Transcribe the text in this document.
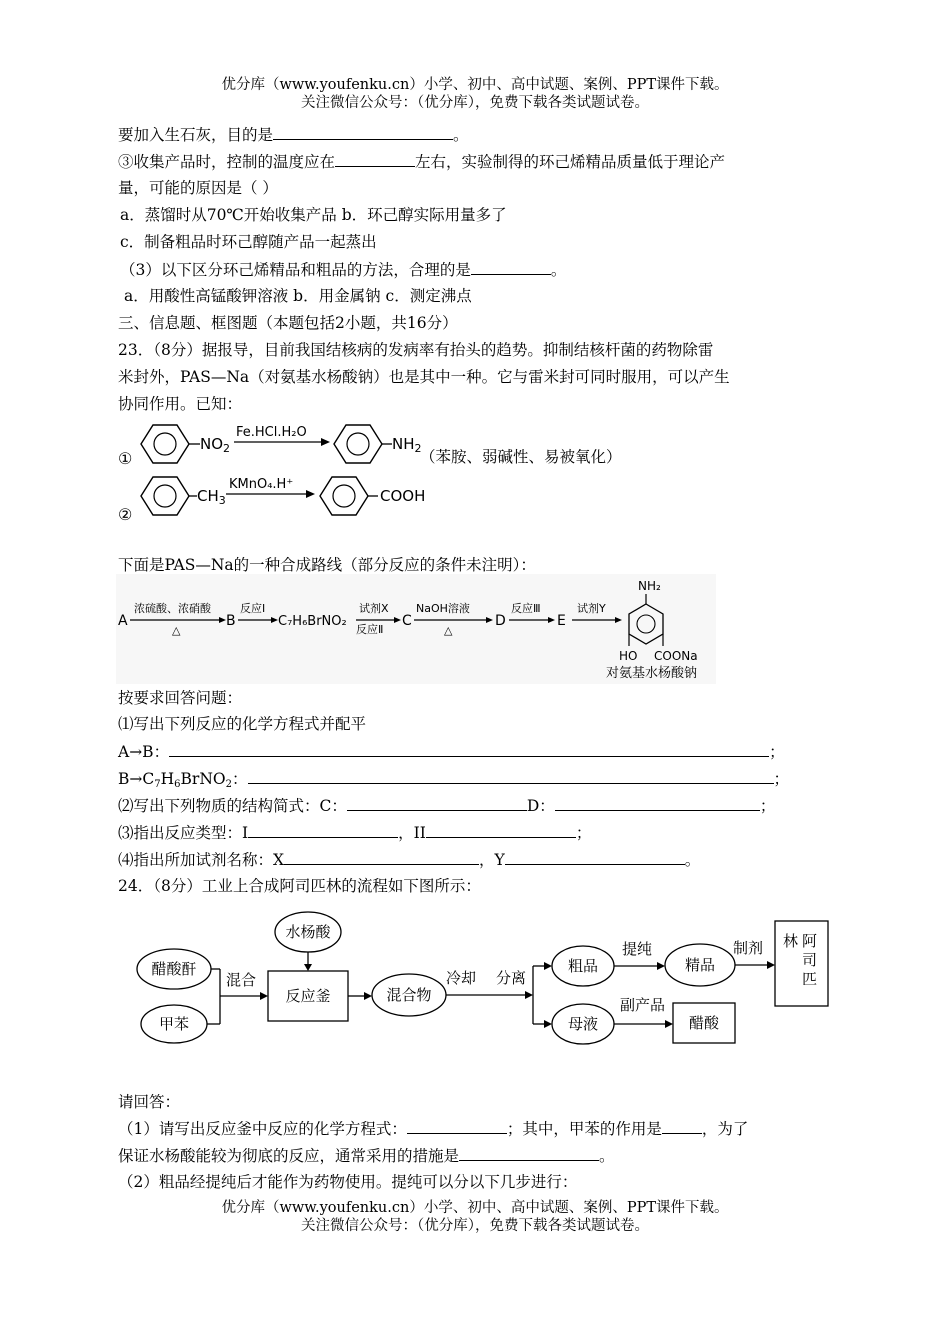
优分库（www.youfenku.cn）小学、初中、高中试题、案例、PPT课件下载。
关注微信公众号：（优分库），免费下载各类试题试卷。
要加入生石灰，目的是	。
③收集产品时，控制的温度应在	左右，实验制得的环己烯精品质量低于理论产
量，可能的原因是（ ）
a．蒸馏时从70℃开始收集产品 b．环己醇实际用量多了
c．制备粗品时环己醇随产品一起蒸出
（3）以下区分环己烯精品和粗品的方法，合理的是	。
a．用酸性高锰酸钾溶液 b．用金属钠 c．测定沸点
三、信息题、框图题（本题包括2小题，共16分）
23．（8分）据报导，目前我国结核病的发病率有抬头的趋势。抑制结核杆菌的药物除雷
米封外，PAS—Na（对氨基水杨酸钠）也是其中一种。它与雷米封可同时服用，可以产生
协同作用。已知：
①
$NO_2$
Fe.HCl.H₂O
$NH_2$
（苯胺、弱碱性、易被氧化）
②
$CH_3$
KMnO₄.H⁺
COOH
下面是PAS—Na的一种合成路线（部分反应的条件未注明）：
A
浓硫酸、浓硝酸
△
B
反应Ⅰ
C₇H₆BrNO₂
试剂X
反应Ⅱ
C
NaOH溶液
△
D
反应Ⅲ
E
试剂Y
NH₂
HO COONa
对氨基水杨酸钠
按要求回答问题：
⑴写出下列反应的化学方程式并配平
A→B：	；
$B\to C_7H_6BrNO_2$：	；
⑵写出下列物质的结构简式：C：	D：	；
⑶指出反应类型：I	，II	；
⑷指出所加试剂名称：X	，Y	。
24．（8分）工业上合成阿司匹林的流程如下图所示：
水杨酸
醋酸酐
甲苯
混合
反应釜	混合物
冷却 分离
粗品
提纯
精品
制剂 林 阿
司
匹
母液
副产品
醋酸
请回答：
（1）请写出反应釜中反应的化学方程式：	；其中，甲苯的作用是	，为了
保证水杨酸能较为彻底的反应，通常采用的措施是	。
（2）粗品经提纯后才能作为药物使用。提纯可以分以下几步进行：
优分库（www.youfenku.cn）小学、初中、高中试题、案例、PPT课件下载。
关注微信公众号：（优分库），免费下载各类试题试卷。
